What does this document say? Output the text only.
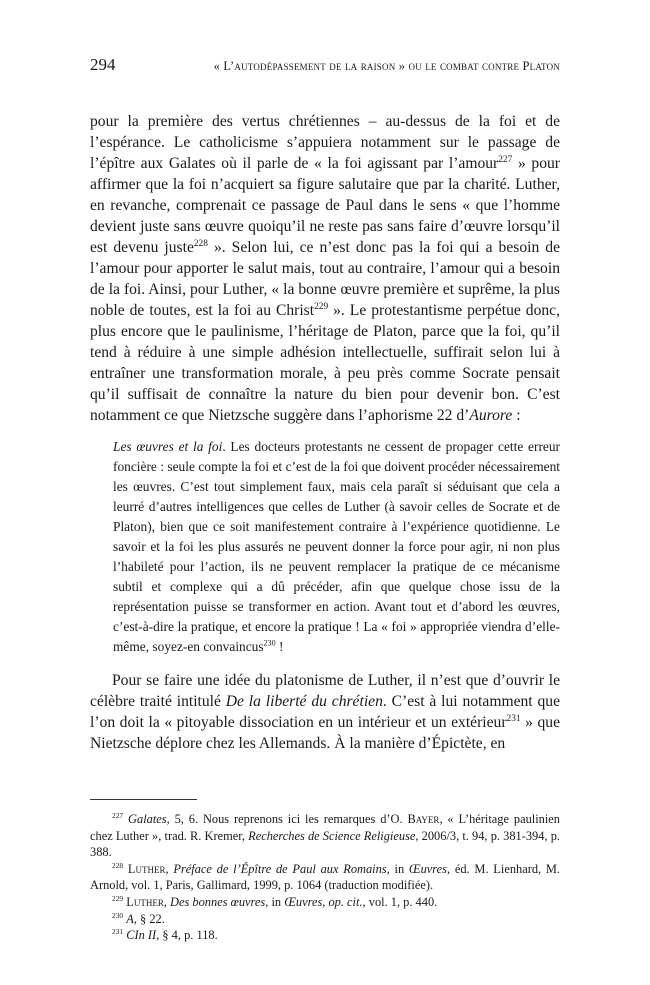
294	« L’autodépassement de la raison » ou le combat contre Platon

pour la première des vertus chrétiennes – au-dessus de la foi et de l’espérance. Le catholicisme s’appuiera notamment sur le passage de l’épître aux Galates où il parle de « la foi agissant par l’amour$^{227}$ » pour affirmer que la foi n’acquiert sa figure salutaire que par la charité. Luther, en revanche, comprenait ce passage de Paul dans le sens « que l’homme devient juste sans œuvre quoiqu’il ne reste pas sans faire d’œuvre lorsqu’il est devenu juste$^{228}$ ». Selon lui, ce n’est donc pas la foi qui a besoin de l’amour pour apporter le salut mais, tout au contraire, l’amour qui a besoin de la foi. Ainsi, pour Luther, « la bonne œuvre première et suprême, la plus noble de toutes, est la foi au Christ$^{229}$ ». Le protestantisme perpétue donc, plus encore que le paulinisme, l’héritage de Platon, parce que la foi, qu’il tend à réduire à une simple adhésion intellectuelle, suffirait selon lui à entraîner une transformation morale, à peu près comme Socrate pensait qu’il suffisait de connaître la nature du bien pour devenir bon. C’est notamment ce que Nietzsche suggère dans l’aphorisme 22 d’Aurore :

Les œuvres et la foi. Les docteurs protestants ne cessent de propager cette erreur foncière : seule compte la foi et c’est de la foi que doivent procéder nécessairement les œuvres. C’est tout simplement faux, mais cela paraît si séduisant que cela a leurré d’autres intelligences que celles de Luther (à savoir celles de Socrate et de Platon), bien que ce soit manifestement contraire à l’expérience quotidienne. Le savoir et la foi les plus assurés ne peuvent donner la force pour agir, ni non plus l’habileté pour l’action, ils ne peuvent remplacer la pratique de ce mécanisme subtil et complexe qui a dû précéder, afin que quelque chose issu de la représentation puisse se transformer en action. Avant tout et d’abord les œuvres, c’est-à-dire la pratique, et encore la pratique ! La « foi » appropriée viendra d’elle-même, soyez-en convaincus$^{230}$ !

Pour se faire une idée du platonisme de Luther, il n’est que d’ouvrir le célèbre traité intitulé De la liberté du chrétien. C’est à lui notamment que l’on doit la « pitoyable dissociation en un intérieur et un extérieur$^{231}$ » que Nietzsche déplore chez les Allemands. À la manière d’Épictète, en

$^{227}$ Galates, 5, 6. Nous reprenons ici les remarques d’O. Bayer, « L’héritage paulinien chez Luther », trad. R. Kremer, Recherches de Science Religieuse, 2006/3, t. 94, p. 381-394, p. 388.

$^{228}$ Luther, Préface de l’Épître de Paul aux Romains, in Œuvres, éd. M. Lienhard, M. Arnold, vol. 1, Paris, Gallimard, 1999, p. 1064 (traduction modifiée).

$^{229}$ Luther, Des bonnes œuvres, in Œuvres, op. cit., vol. 1, p. 440.

$^{230}$ A, § 22.

$^{231}$ CIn II, § 4, p. 118.
